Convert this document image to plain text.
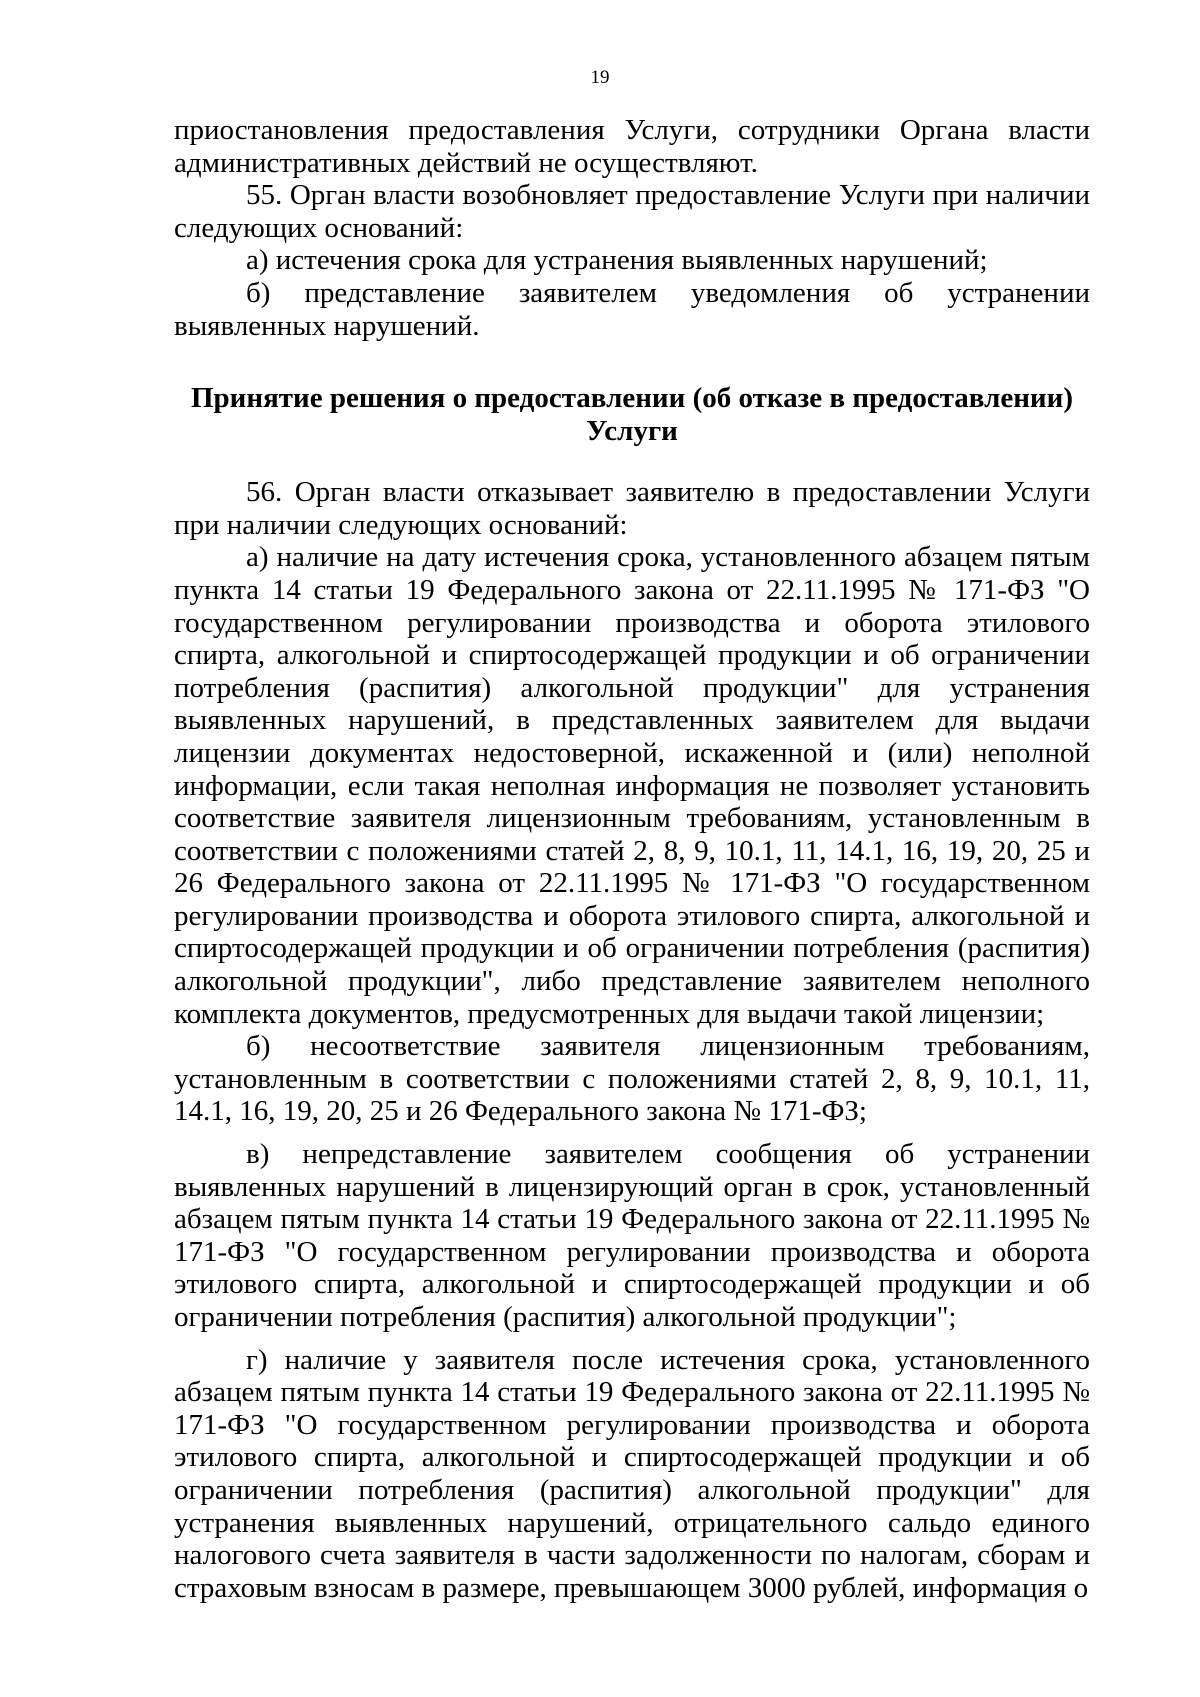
19

приостановления предоставления Услуги, сотрудники Органа власти административных действий не осуществляют.

55. Орган власти возобновляет предоставление Услуги при наличии следующих оснований:

а) истечения срока для устранения выявленных нарушений;

б) представление заявителем уведомления об устранении выявленных нарушений.

Принятие решения о предоставлении (об отказе в предоставлении)
Услуги

56. Орган власти отказывает заявителю в предоставлении Услуги при наличии следующих оснований:

а) наличие на дату истечения срока, установленного абзацем пятым пункта 14 статьи 19 Федерального закона от 22.11.1995 № 171-ФЗ "О государственном регулировании производства и оборота этилового спирта, алкогольной и спиртосодержащей продукции и об ограничении потребления (распития) алкогольной продукции" для устранения выявленных нарушений, в представленных заявителем для выдачи лицензии документах недостоверной, искаженной и (или) неполной информации, если такая неполная информация не позволяет установить соответствие заявителя лицензионным требованиям, установленным в соответствии с положениями статей 2, 8, 9, 10.1, 11, 14.1, 16, 19, 20, 25 и 26 Федерального закона от 22.11.1995 № 171-ФЗ "О государственном регулировании производства и оборота этилового спирта, алкогольной и спиртосодержащей продукции и об ограничении потребления (распития) алкогольной продукции", либо представление заявителем неполного комплекта документов, предусмотренных для выдачи такой лицензии;

б) несоответствие заявителя лицензионным требованиям, установленным в соответствии с положениями статей 2, 8, 9, 10.1, 11, 14.1, 16, 19, 20, 25 и 26 Федерального закона № 171-ФЗ;

в) непредставление заявителем сообщения об устранении выявленных нарушений в лицензирующий орган в срок, установленный абзацем пятым пункта 14 статьи 19 Федерального закона от 22.11.1995 № 171-ФЗ "О государственном регулировании производства и оборота этилового спирта, алкогольной и спиртосодержащей продукции и об ограничении потребления (распития) алкогольной продукции";

г) наличие у заявителя после истечения срока, установленного абзацем пятым пункта 14 статьи 19 Федерального закона от 22.11.1995 № 171-ФЗ "О государственном регулировании производства и оборота этилового спирта, алкогольной и спиртосодержащей продукции и об ограничении потребления (распития) алкогольной продукции" для устранения выявленных нарушений, отрицательного сальдо единого налогового счета заявителя в части задолженности по налогам, сборам и страховым взносам в размере, превышающем 3000 рублей, информация о
